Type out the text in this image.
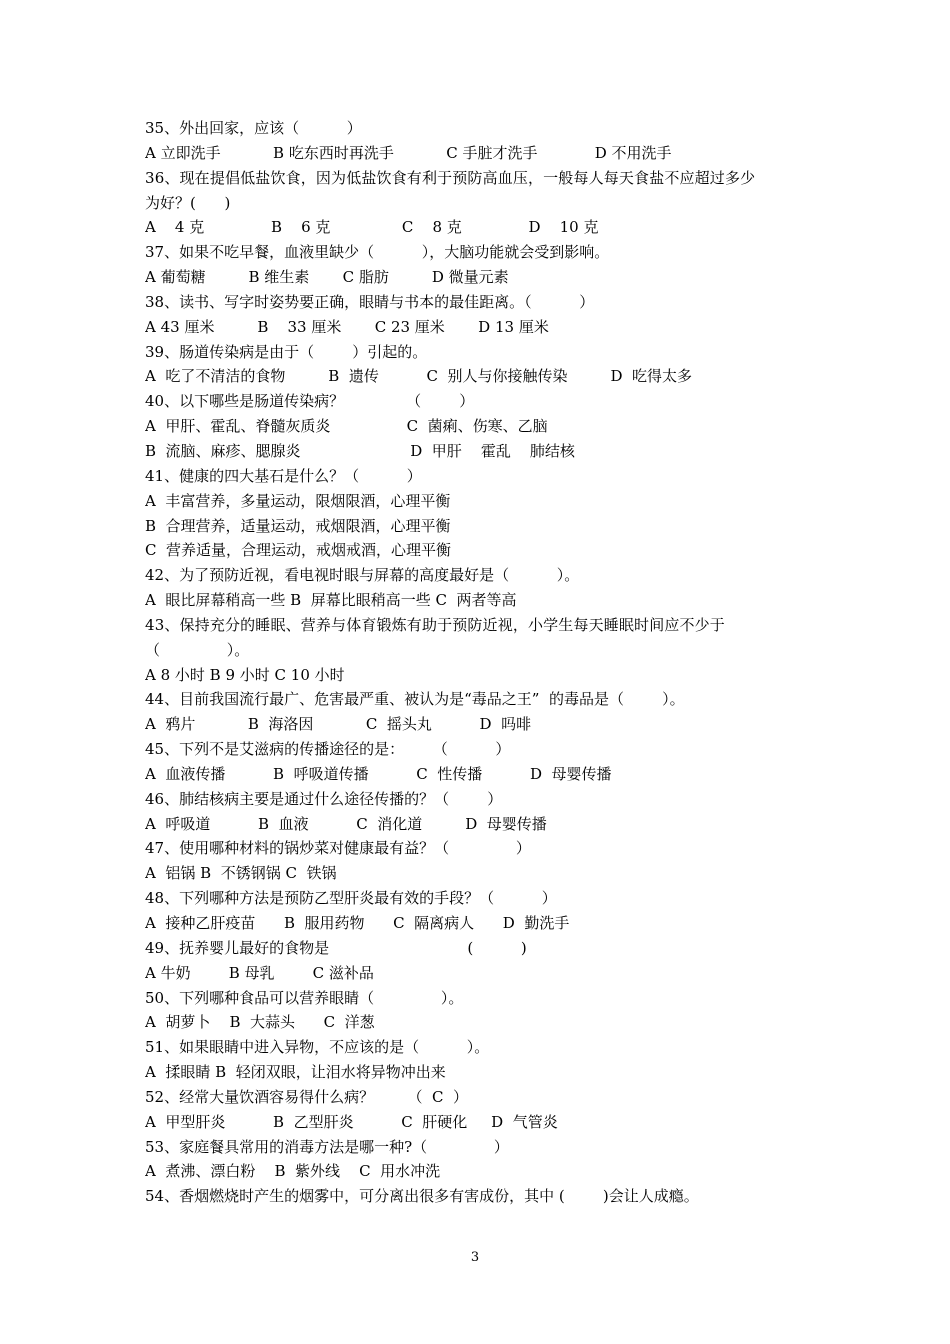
35、外出回家，应该（          ）
A 立即洗手           B 吃东西时再洗手           C 手脏才洗手            D 不用洗手
36、现在提倡低盐饮食，因为低盐饮食有利于预防高血压，一般每人每天食盐不应超过多少
为好？(      )
A    4 克              B    6 克               C    8 克              D    10 克
37、如果不吃早餐，血液里缺少（          ），大脑功能就会受到影响。
A 葡萄糖         B 维生素       C 脂肪         D 微量元素
38、读书、写字时姿势要正确，眼睛与书本的最佳距离。（          ）
A 43 厘米         B    33 厘米       C 23 厘米       D 13 厘米
39、肠道传染病是由于（        ）引起的。
A  吃了不清洁的食物         B  遗传          C  别人与你接触传染         D  吃得太多
40、以下哪些是肠道传染病？             （        ）
A  甲肝、霍乱、脊髓灰质炎                C  菌痢、伤寒、乙脑
B  流脑、麻疹、腮腺炎                       D  甲肝    霍乱    肺结核
41、健康的四大基石是什么？（          ）
A  丰富营养，多量运动，限烟限酒，心理平衡
B  合理营养，适量运动，戒烟限酒，心理平衡
C  营养适量，合理运动，戒烟戒酒，心理平衡
42、为了预防近视，看电视时眼与屏幕的高度最好是（          ）。
A  眼比屏幕稍高一些 B  屏幕比眼稍高一些 C  两者等高
43、保持充分的睡眠、营养与体育锻炼有助于预防近视，小学生每天睡眠时间应不少于
（              ）。
A 8 小时 B 9 小时 C 10 小时
44、目前我国流行最广、危害最严重、被认为是“毒品之王”  的毒品是（        ）。
A  鸦片           B  海洛因           C  摇头丸          D  吗啡
45、下列不是艾滋病的传播途径的是：      （          ）
A  血液传播          B  呼吸道传播          C  性传播          D  母婴传播
46、肺结核病主要是通过什么途径传播的？（        ）
A  呼吸道          B  血液          C  消化道         D  母婴传播
47、使用哪种材料的锅炒菜对健康最有益？（              ）
A  铝锅 B  不锈钢锅 C  铁锅
48、下列哪种方法是预防乙型肝炎最有效的手段？（          ）
A  接种乙肝疫苗      B  服用药物      C  隔离病人      D  勤洗手
49、抚养婴儿最好的食物是                             (          )
A 牛奶        B 母乳        C 滋补品
50、下列哪种食品可以营养眼睛（              ）。
A  胡萝卜    B  大蒜头      C  洋葱
51、如果眼睛中进入异物，不应该的是（          ）。
A  揉眼睛 B  轻闭双眼，让泪水将异物冲出来
52、经常大量饮酒容易得什么病？       （  C  ）
A  甲型肝炎          B  乙型肝炎          C  肝硬化     D  气管炎
53、家庭餐具常用的消毒方法是哪一种?（              ）
A  煮沸、漂白粉    B  紫外线    C  用水冲洗
54、香烟燃烧时产生的烟雾中，可分离出很多有害成份，其中 (        )会让人成瘾。
3
